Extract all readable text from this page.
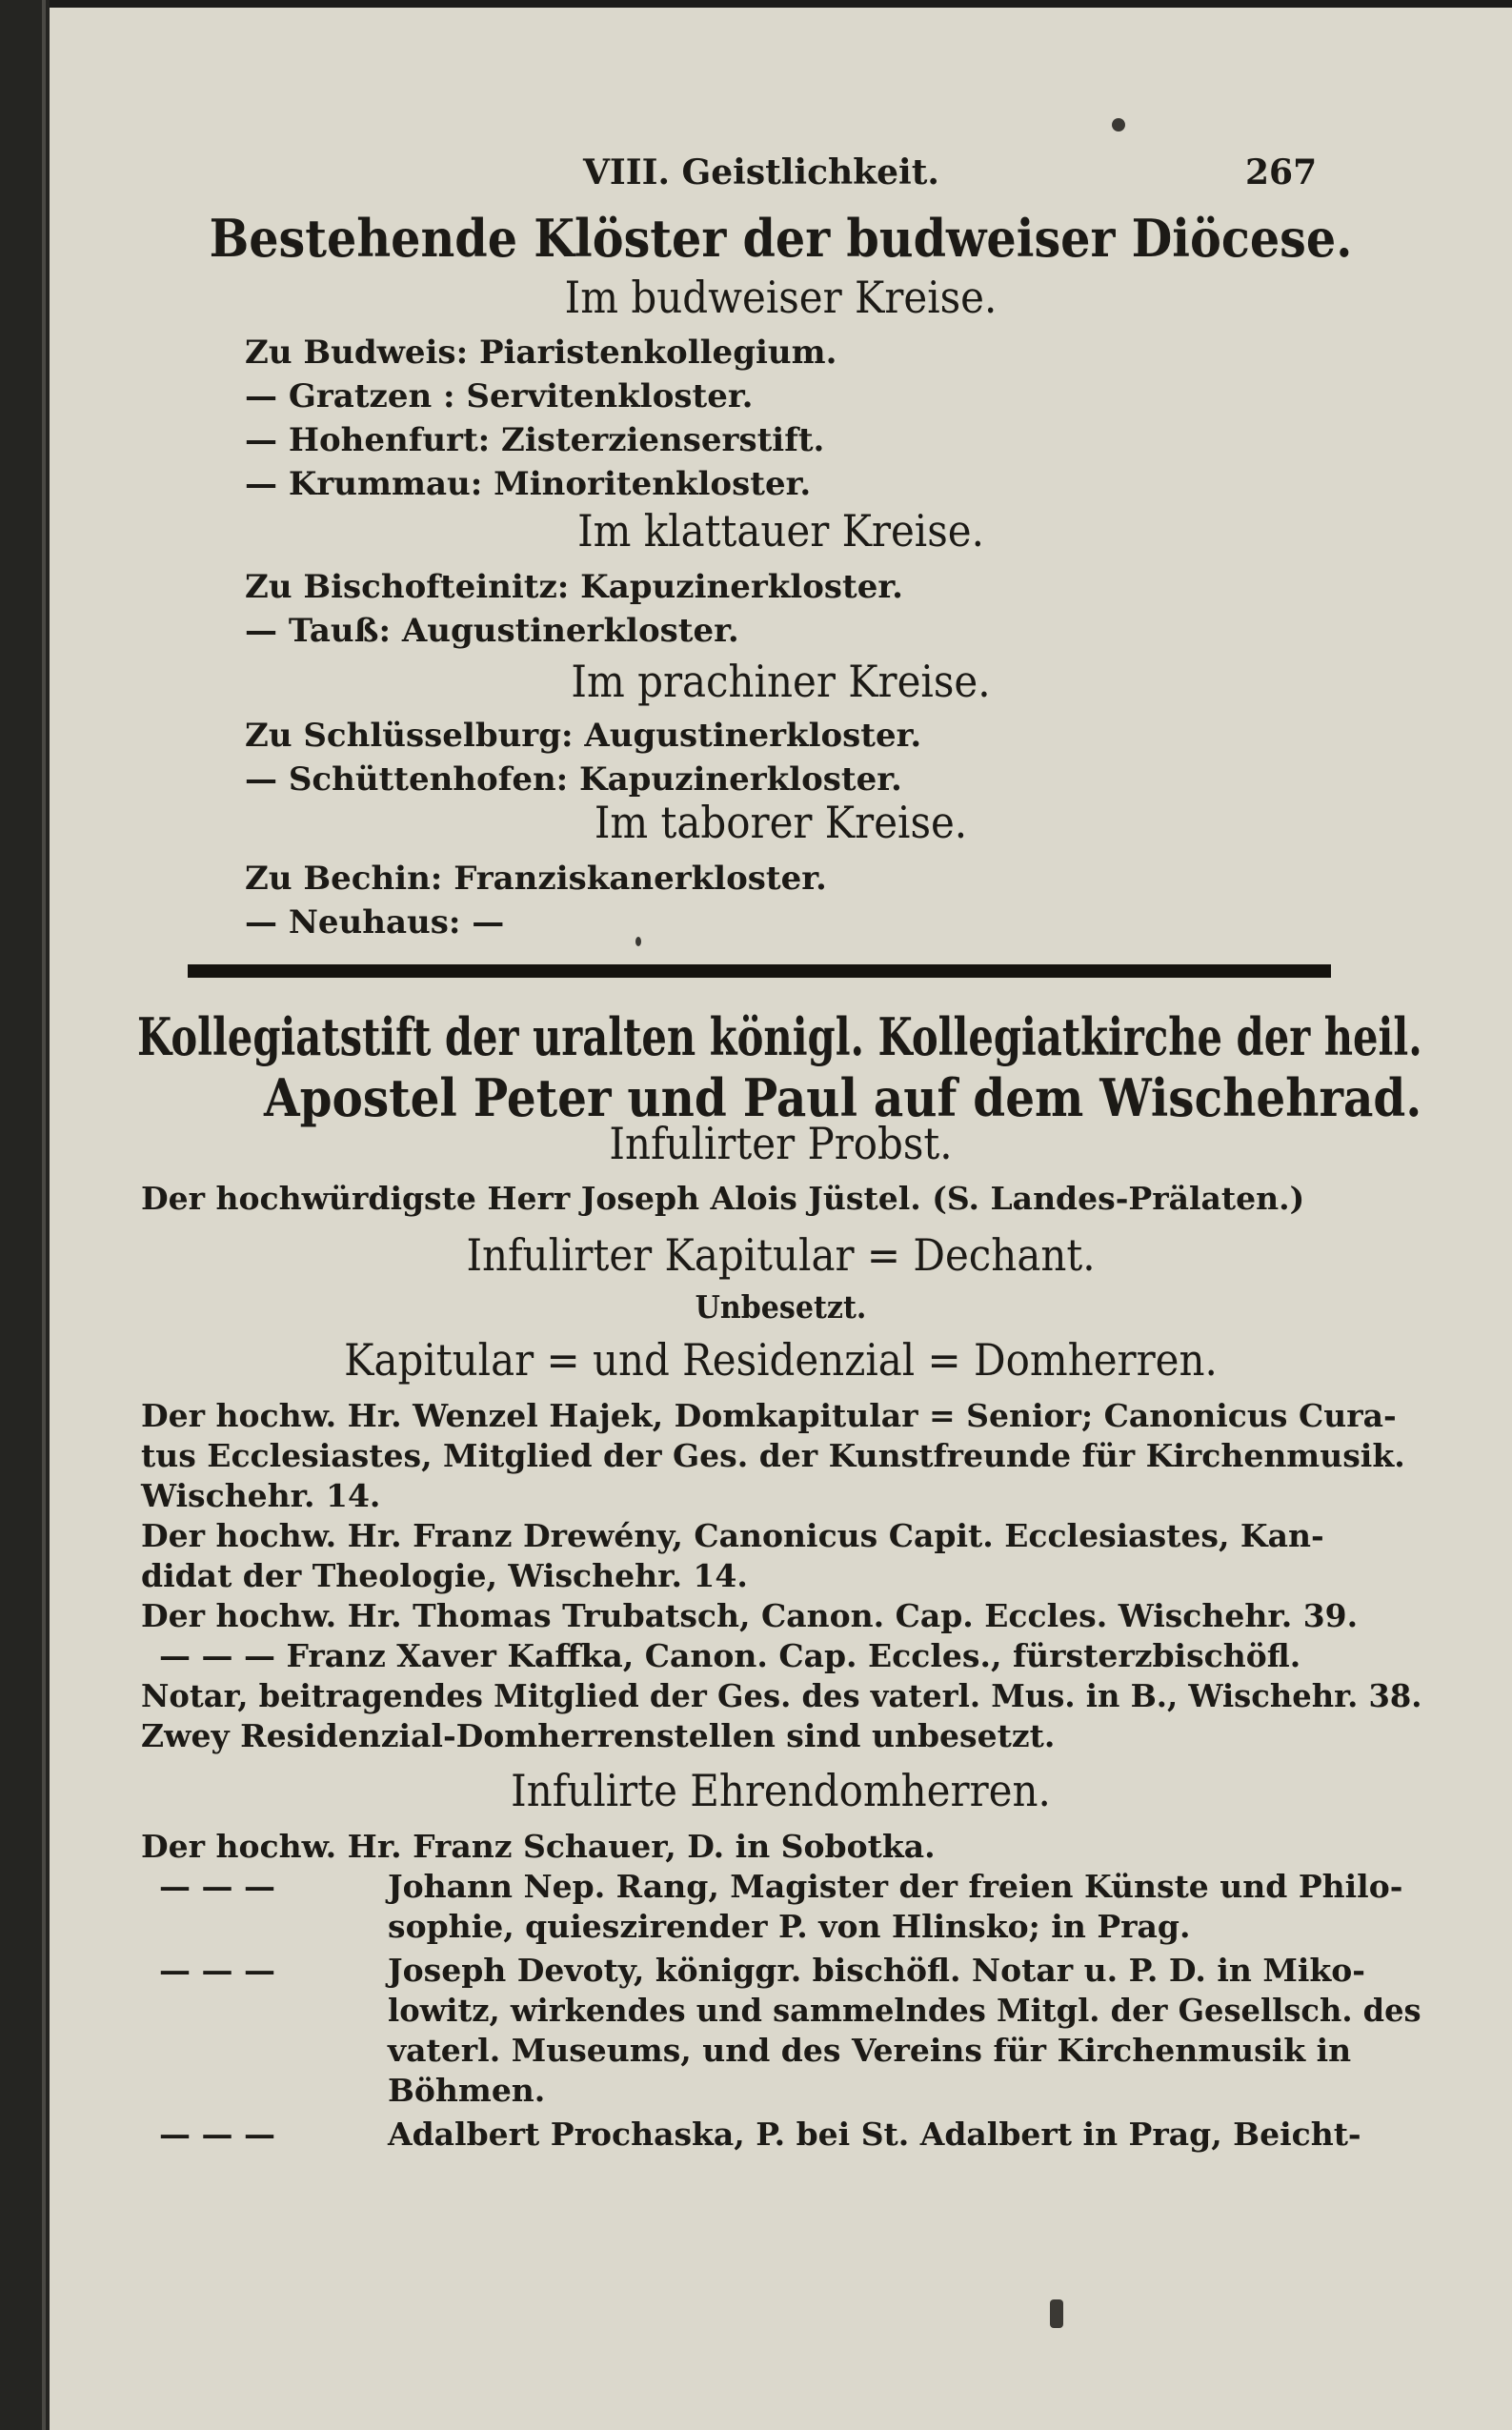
VIII. Geistlichkeit.	267
Bestehende Klöster der budweiser Diöcese.
Im budweiser Kreise.
Zu Budweis: Piaristenkollegium.
— Gratzen : Servitenkloster.
— Hohenfurt: Zisterzienserstift.
— Krummau: Minoritenkloster.
Im klattauer Kreise.
Zu Bischofteinitz: Kapuzinerkloster.
— Tauß: Augustinerkloster.
Im prachiner Kreise.
Zu Schlüsselburg: Augustinerkloster.
— Schüttenhofen: Kapuzinerkloster.
Im taborer Kreise.
Zu Bechin: Franziskanerkloster.
— Neuhaus: —
Kollegiatstift der uralten königl. Kollegiatkirche der heil.
Apostel Peter und Paul auf dem Wischehrad.
Infulirter Probst.
Der hochwürdigste Herr Joseph Alois Jüstel. (S. Landes-Prälaten.)
Infulirter Kapitular = Dechant.
Unbesetzt.
Kapitular = und Residenzial = Domherren.
Der hochw. Hr. Wenzel Hajek, Domkapitular = Senior; Canonicus Cura-
tus Ecclesiastes, Mitglied der Ges. der Kunstfreunde für Kirchenmusik.
Wischehr. 14.
Der hochw. Hr. Franz Drewény, Canonicus Capit. Ecclesiastes, Kan-
didat der Theologie, Wischehr. 14.
Der hochw. Hr. Thomas Trubatsch, Canon. Cap. Eccles. Wischehr. 39.
— — — Franz Xaver Kaffka, Canon. Cap. Eccles., fürsterzbischöfl.
Notar, beitragendes Mitglied der Ges. des vaterl. Mus. in B., Wischehr. 38.
Zwey Residenzial-Domherrenstellen sind unbesetzt.
Infulirte Ehrendomherren.
Der hochw. Hr. Franz Schauer, D. in Sobotka.
— — —	Johann Nep. Rang, Magister der freien Künste und Philo-
sophie, quieszirender P. von Hlinsko; in Prag.
— — —	Joseph Devoty, königgr. bischöfl. Notar u. P. D. in Miko-
lowitz, wirkendes und sammelndes Mitgl. der Gesellsch. des
vaterl. Museums, und des Vereins für Kirchenmusik in
Böhmen.
— — —	Adalbert Prochaska, P. bei St. Adalbert in Prag, Beicht-
